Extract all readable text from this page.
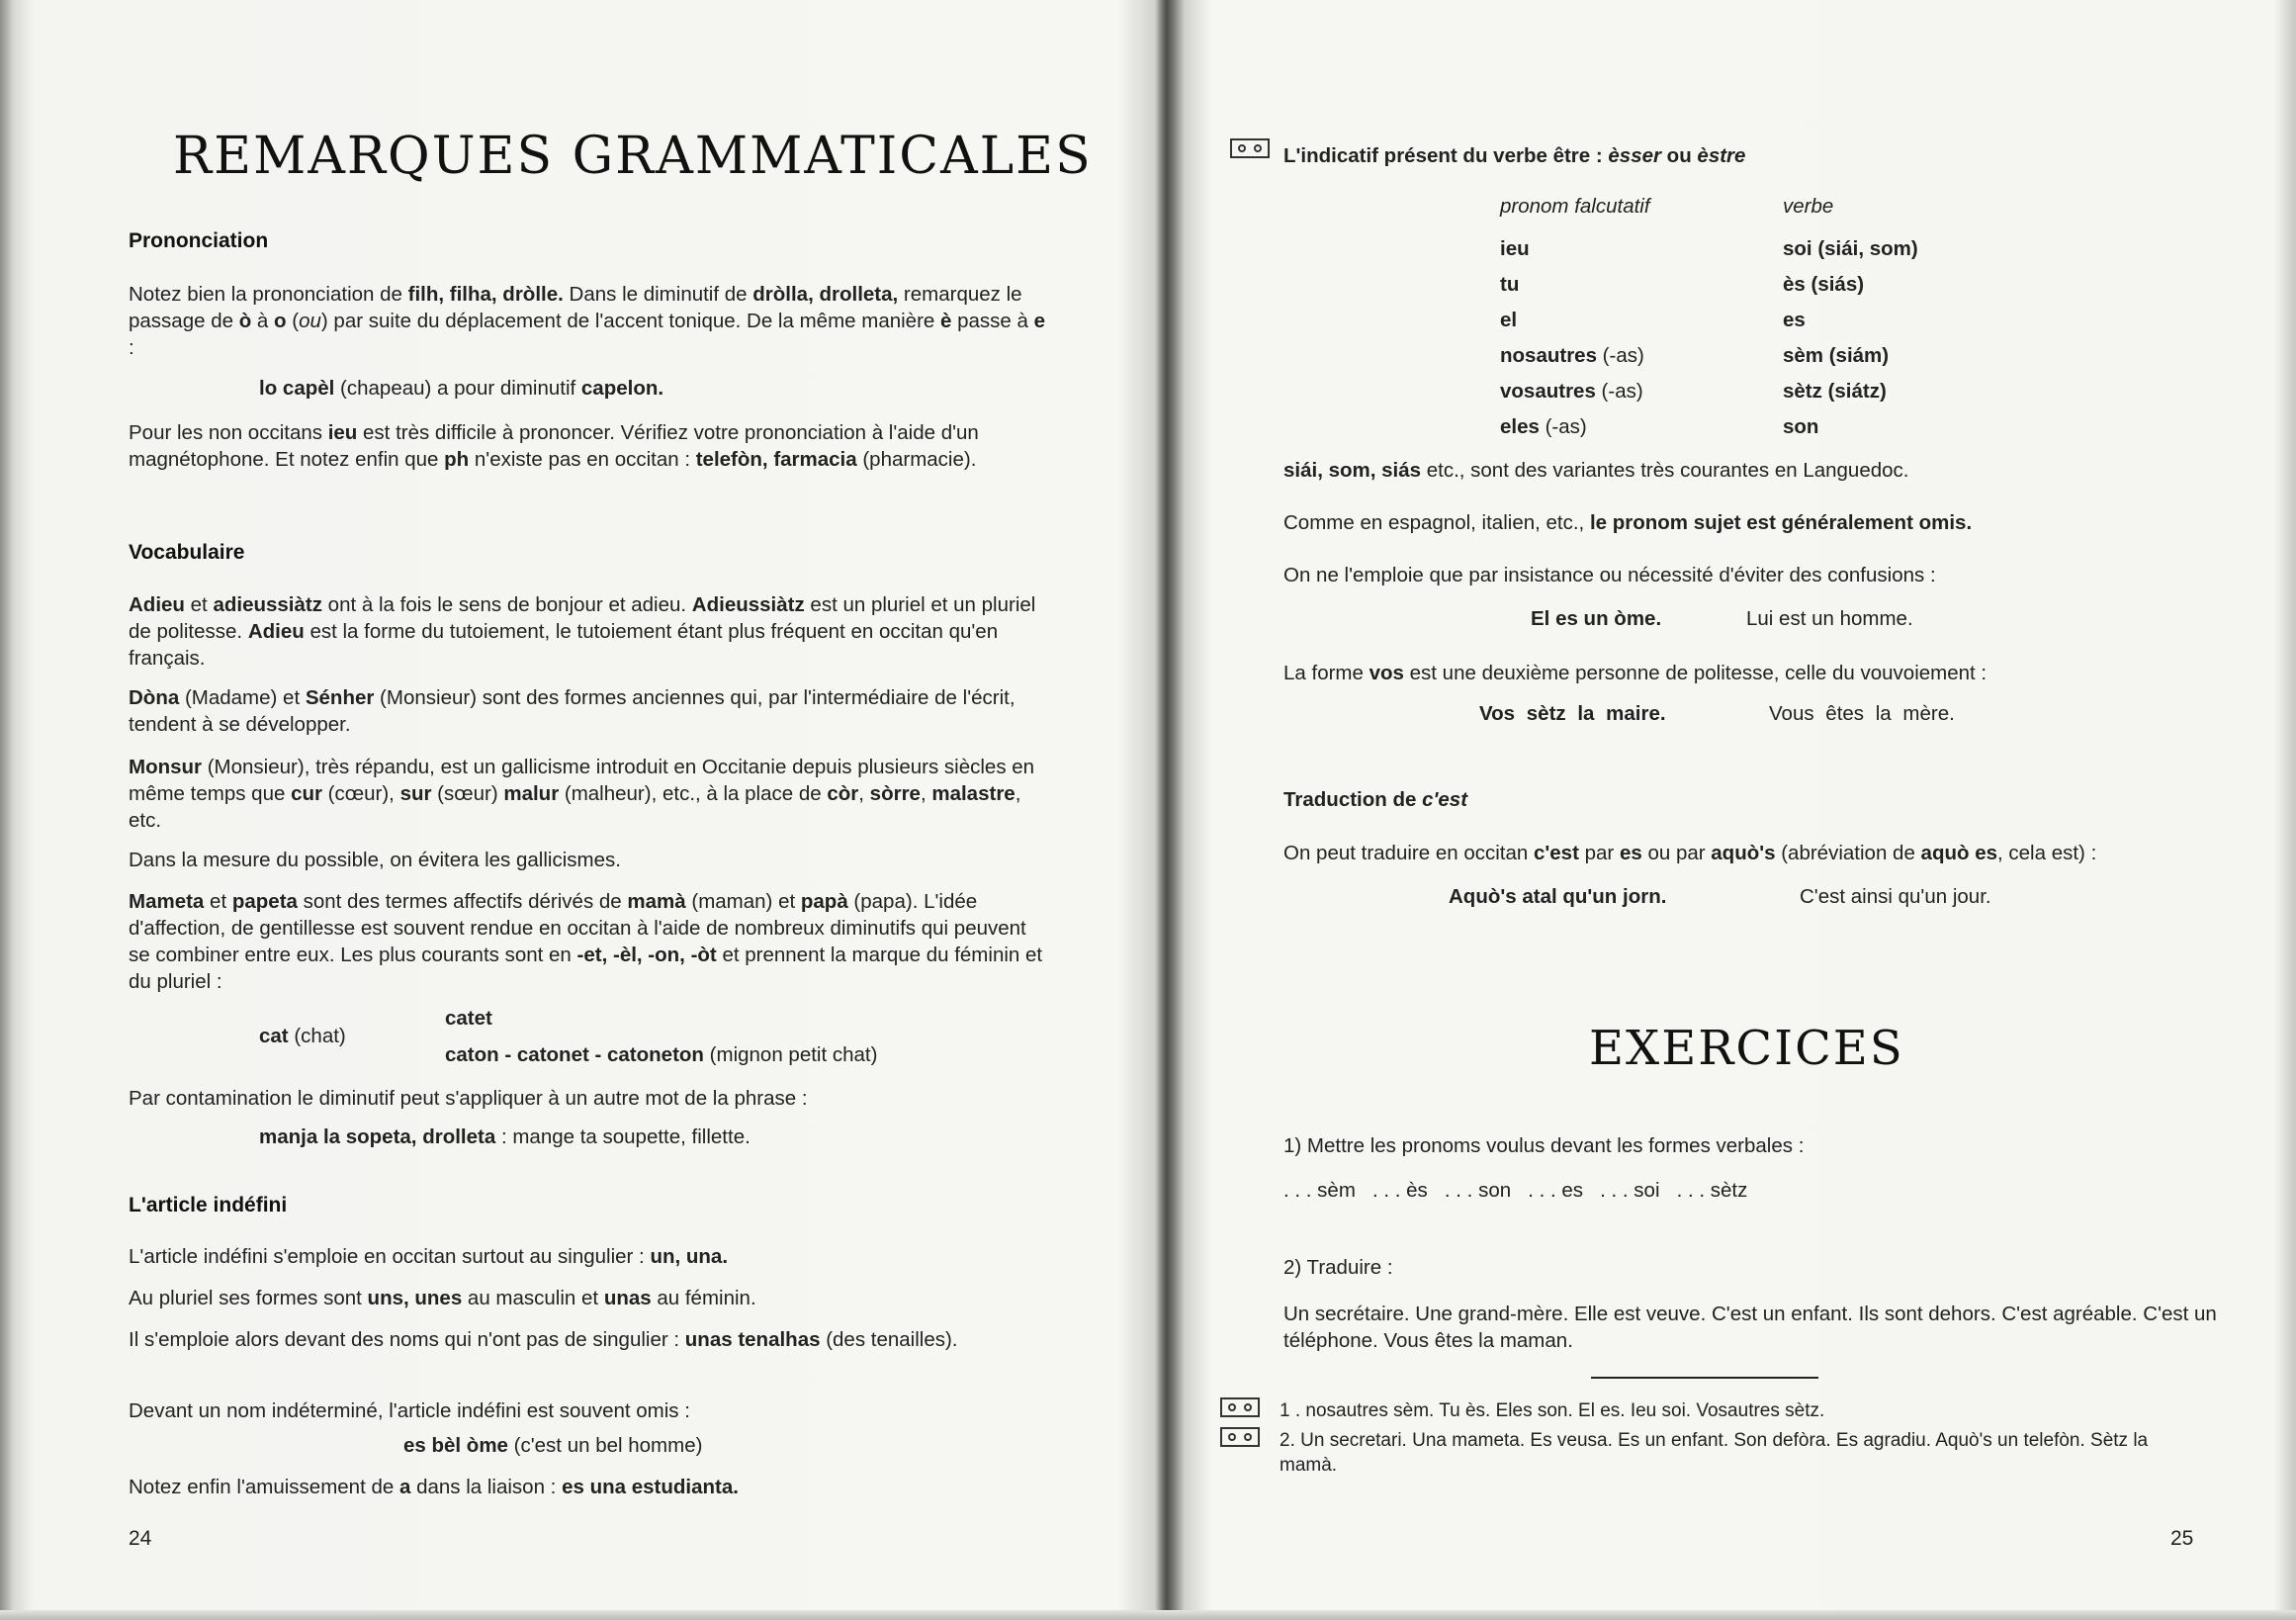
REMARQUES GRAMMATICALES
Prononciation

Notez bien la prononciation de filh, filha, dròlle. Dans le diminutif de dròlla, drolleta, remarquez le passage de ò à o (ou) par suite du déplacement de l'accent tonique. De la même manière è passe à e :

lo capèl (chapeau) a pour diminutif capelon.

Pour les non occitans ieu est très difficile à prononcer. Vérifiez votre prononciation à l'aide d'un magnétophone. Et notez enfin que ph n'existe pas en occitan : telefòn, farmacia (pharmacie).

Vocabulaire

Adieu et adieussiàtz ont à la fois le sens de bonjour et adieu. Adieussiàtz est un pluriel et un pluriel de politesse. Adieu est la forme du tutoiement, le tutoiement étant plus fréquent en occitan qu'en français.

Dòna (Madame) et Sénher (Monsieur) sont des formes anciennes qui, par l'intermédiaire de l'écrit, tendent à se développer.

Monsur (Monsieur), très répandu, est un gallicisme introduit en Occitanie depuis plusieurs siècles en même temps que cur (cœur), sur (sœur) malur (malheur), etc., à la place de còr, sòrre, malastre, etc.

Dans la mesure du possible, on évitera les gallicismes.

Mameta et papeta sont des termes affectifs dérivés de mamà (maman) et papà (papa). L'idée d'affection, de gentillesse est souvent rendue en occitan à l'aide de nombreux diminutifs qui peuvent se combiner entre eux. Les plus courants sont en -et, -èl, -on, -òt et prennent la marque du féminin et du pluriel :

cat (chat)

catet

caton - catonet - catoneton (mignon petit chat)

Par contamination le diminutif peut s'appliquer à un autre mot de la phrase :

manja la sopeta, drolleta : mange ta soupette, fillette.

L'article indéfini

L'article indéfini s'emploie en occitan surtout au singulier : un, una.

Au pluriel ses formes sont uns, unes au masculin et unas au féminin.

Il s'emploie alors devant des noms qui n'ont pas de singulier : unas tenalhas (des tenailles).

Devant un nom indéterminé, l'article indéfini est souvent omis :

es bèl òme (c'est un bel homme)

Notez enfin l'amuissement de a dans la liaison : es una estudianta.

24

L'indicatif présent du verbe être : èsser ou èstre

pronom falcutatif	verbe

ieu	soi (siái, som)

tu	ès (siás)

el	es

nosautres (-as)	sèm (siám)

vosautres (-as)	sètz (siátz)

eles (-as)	son

siái, som, siás etc., sont des variantes très courantes en Languedoc.

Comme en espagnol, italien, etc., le pronom sujet est généralement omis.

On ne l'emploie que par insistance ou nécessité d'éviter des confusions :

El es un òme.	Lui est un homme.

La forme vos est une deuxième personne de politesse, celle du vouvoiement :

Vos sètz la maire.	Vous êtes la mère.

Traduction de c'est

On peut traduire en occitan c'est par es ou par aquò's (abréviation de aquò es, cela est) :

Aquò's atal qu'un jorn.	C'est ainsi qu'un jour.

EXERCICES

1) Mettre les pronoms voulus devant les formes verbales :

. . . sèm   . . . ès   . . . son   . . . es   . . . soi   . . . sètz

2) Traduire :

Un secrétaire. Une grand-mère. Elle est veuve. C'est un enfant. Ils sont dehors. C'est agréable. C'est un téléphone. Vous êtes la maman.

1 . nosautres sèm. Tu ès. Eles son. El es. Ieu soi. Vosautres sètz.

2. Un secretari. Una mameta. Es veusa. Es un enfant. Son defòra. Es agradiu. Aquò's un telefòn. Sètz la mamà.

25
